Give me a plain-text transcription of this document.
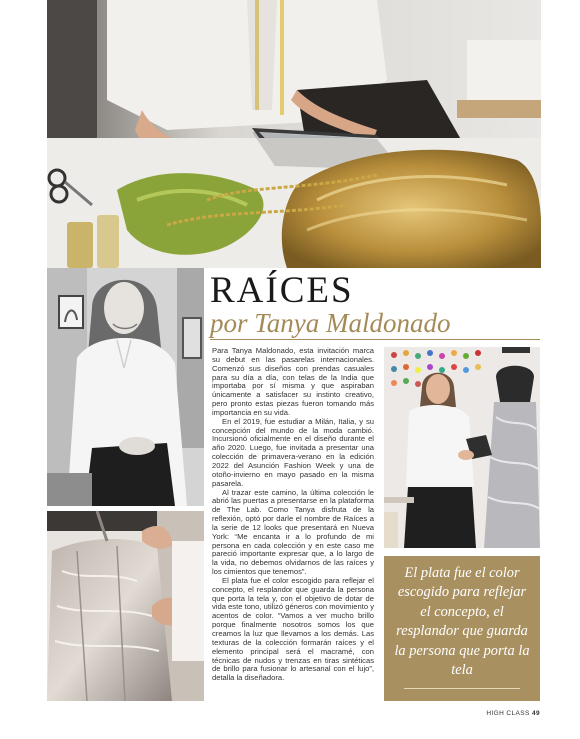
RAÍCES
por Tanya Maldonado

Para Tanya Maldonado, esta invitación marca su debut en las pasarelas internacionales. Comenzó sus diseños con prendas casuales para su día a día, con telas de la India que importaba por sí misma y que aspiraban únicamente a satisfacer su instinto creativo, pero pronto estas piezas fueron tomando más importancia en su vida.

En el 2019, fue estudiar a Milán, Italia, y su concepción del mundo de la moda cambió. Incursionó oficialmente en el diseño durante el año 2020. Luego, fue invitada a presentar una colección de primavera-verano en la edición 2022 del Asunción Fashion Week y una de otoño-invierno en mayo pasado en la misma pasarela.

Al trazar este camino, la última colección le abrió las puertas a presentarse en la plataforma de The Lab. Como Tanya disfruta de la reflexión, optó por darle el nombre de Raíces a la serie de 12 looks que presentará en Nueva York: “Me encanta ir a lo profundo de mi persona en cada colección y en este caso me pareció importante expresar que, a lo largo de la vida, no debemos olvidarnos de las raíces y los cimientos que tenemos”.

El plata fue el color escogido para reflejar el concepto, el resplandor que guarda la persona que porta la tela y, con el objetivo de dotar de vida este tono, utilizó géneros con movimiento y acentos de color. “Vamos a ver mucho brillo porque finalmente nosotros somos los que creamos la luz que llevamos a los demás. Las texturas de la colección formarán raíces y el elemento principal será el macramé, con técnicas de nudos y trenzas en tiras sintéticas de brillo para fusionar lo artesanal con el lujo”, detalla la diseñadora.

El plata fue el color escogido para reflejar el concepto, el resplandor que guarda la persona que porta la tela

HIGH CLASS 49
